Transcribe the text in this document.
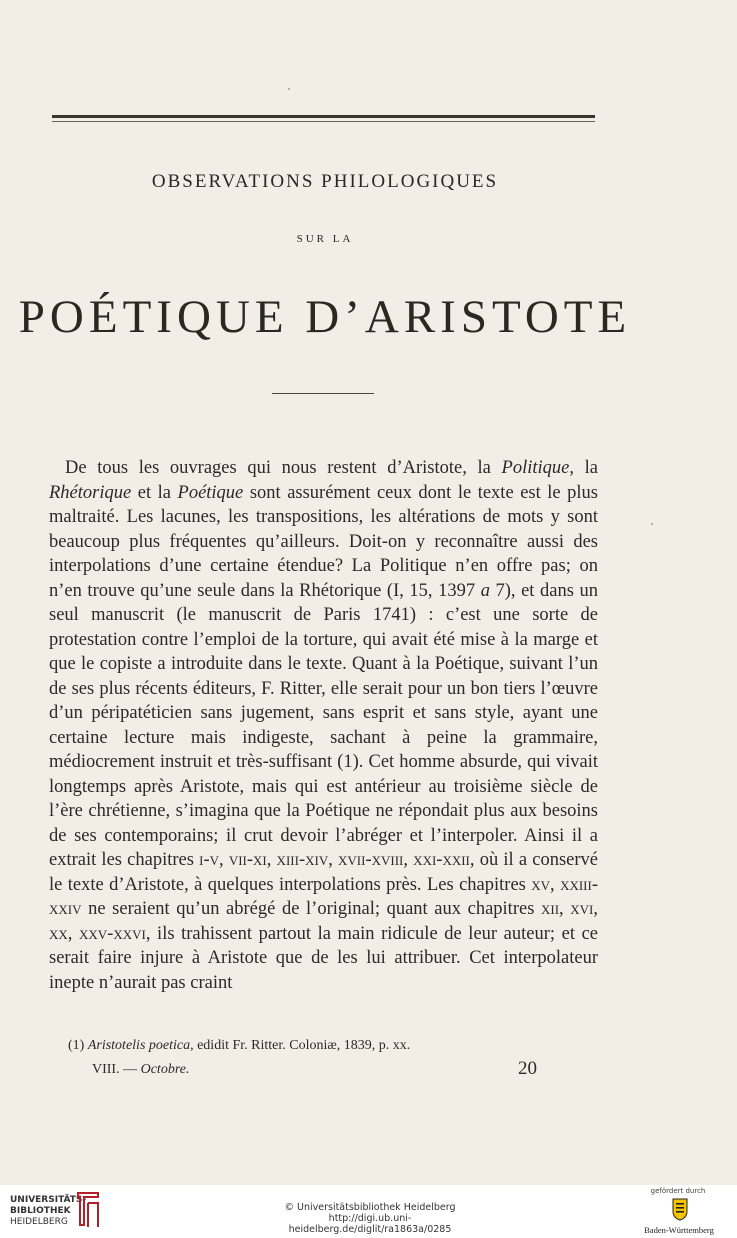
OBSERVATIONS PHILOLOGIQUES
SUR LA
POÉTIQUE D’ARISTOTE
De tous les ouvrages qui nous restent d’Aristote, la Politique, la Rhétorique et la Poétique sont assurément ceux dont le texte est le plus maltraité. Les lacunes, les transpositions, les altérations de mots y sont beaucoup plus fréquentes qu’ailleurs. Doit-on y reconnaître aussi des interpolations d’une certaine étendue? La Politique n’en offre pas; on n’en trouve qu’une seule dans la Rhétorique (I, 15, 1397 a 7), et dans un seul manuscrit (le manuscrit de Paris 1741) : c’est une sorte de protestation contre l’emploi de la torture, qui avait été mise à la marge et que le copiste a introduite dans le texte. Quant à la Poétique, suivant l’un de ses plus récents éditeurs, F. Ritter, elle serait pour un bon tiers l’œuvre d’un péripatéticien sans jugement, sans esprit et sans style, ayant une certaine lecture mais indigeste, sachant à peine la grammaire, médiocrement instruit et très-suffisant (1). Cet homme absurde, qui vivait longtemps après Aristote, mais qui est antérieur au troisième siècle de l’ère chrétienne, s’imagina que la Poétique ne répondait plus aux besoins de ses contemporains; il crut devoir l’abréger et l’interpoler. Ainsi il a extrait les chapitres i-v, vii-xi, xiii-xiv, xvii-xviii, xxi-xxii, où il a conservé le texte d’Aristote, à quelques interpolations près. Les chapitres xv, xxiii-xxiv ne seraient qu’un abrégé de l’original; quant aux chapitres xii, xvi, xx, xxv-xxvi, ils trahissent partout la main ridicule de leur auteur; et ce serait faire injure à Aristote que de les lui attribuer. Cet interpolateur inepte n’aurait pas craint
(1) Aristotelis poetica, edidit Fr. Ritter. Coloniæ, 1839, p. xx.
VIII. — Octobre.	20
UNIVERSITÄTS-
BIBLIOTHEK
HEIDELBERG
© Universitätsbibliothek Heidelberg
http://digi.ub.uni-heidelberg.de/diglit/ra1863a/0285
gefördert durch
Baden-Württemberg
